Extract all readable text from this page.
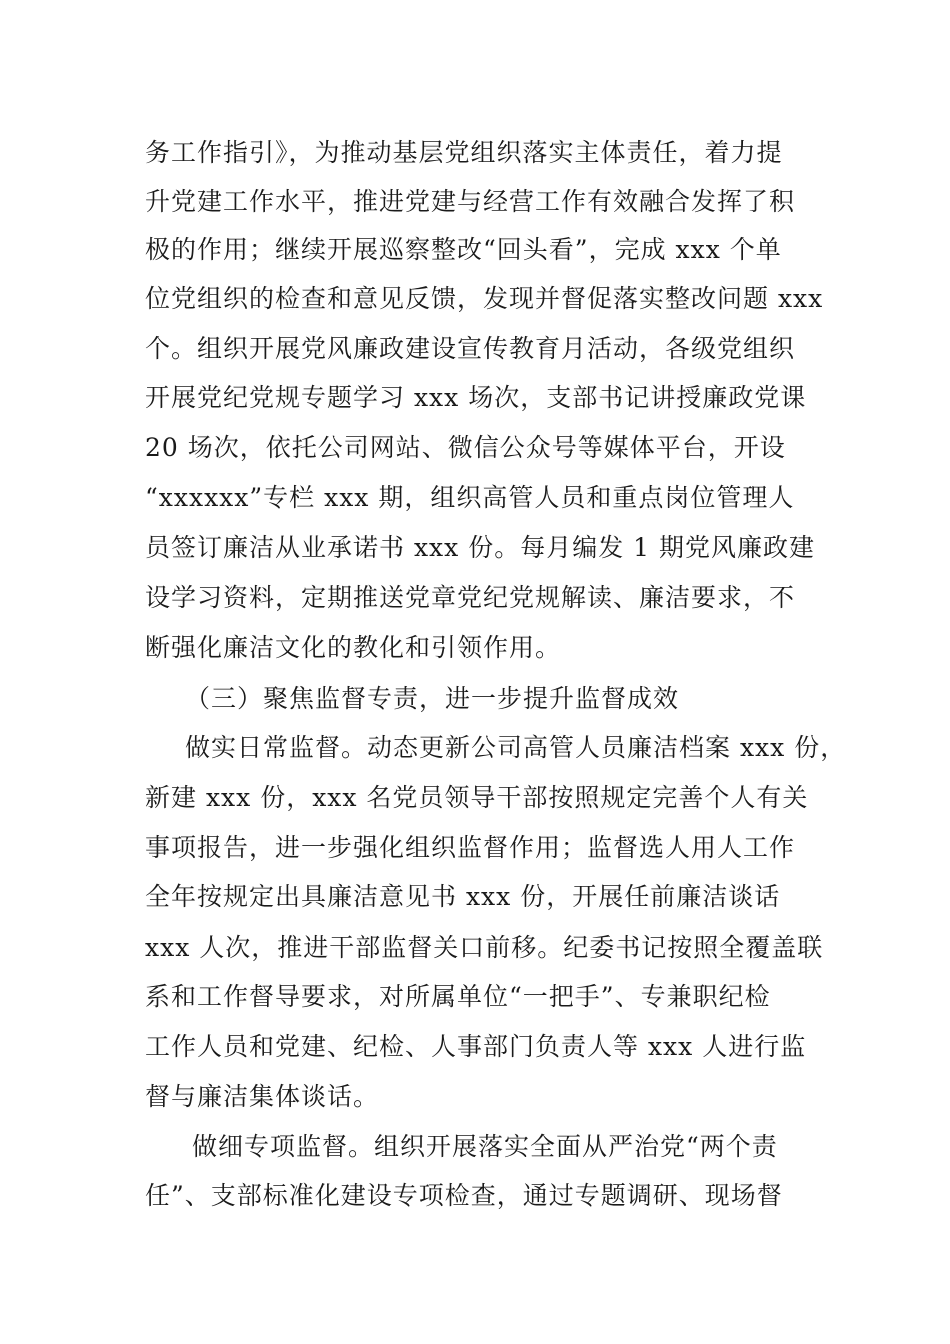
务工作指引》，为推动基层党组织落实主体责任，着力提
升党建工作水平，推进党建与经营工作有效融合发挥了积
极的作用；继续开展巡察整改“回头看”，完成 xxx 个单
位党组织的检查和意见反馈，发现并督促落实整改问题 xxx
个。组织开展党风廉政建设宣传教育月活动，各级党组织
开展党纪党规专题学习 xxx 场次，支部书记讲授廉政党课
20 场次，依托公司网站、微信公众号等媒体平台，开设
“xxxxxx”专栏 xxx 期，组织高管人员和重点岗位管理人
员签订廉洁从业承诺书 xxx 份。每月编发 1 期党风廉政建
设学习资料，定期推送党章党纪党规解读、廉洁要求，不
断强化廉洁文化的教化和引领作用。
（三）聚焦监督专责，进一步提升监督成效
做实日常监督。动态更新公司高管人员廉洁档案 xxx 份，
新建 xxx 份，xxx 名党员领导干部按照规定完善个人有关
事项报告，进一步强化组织监督作用；监督选人用人工作
全年按规定出具廉洁意见书 xxx 份，开展任前廉洁谈话
xxx 人次，推进干部监督关口前移。纪委书记按照全覆盖联
系和工作督导要求，对所属单位“一把手”、专兼职纪检
工作人员和党建、纪检、人事部门负责人等 xxx 人进行监
督与廉洁集体谈话。
做细专项监督。组织开展落实全面从严治党“两个责
任”、支部标准化建设专项检查，通过专题调研、现场督
